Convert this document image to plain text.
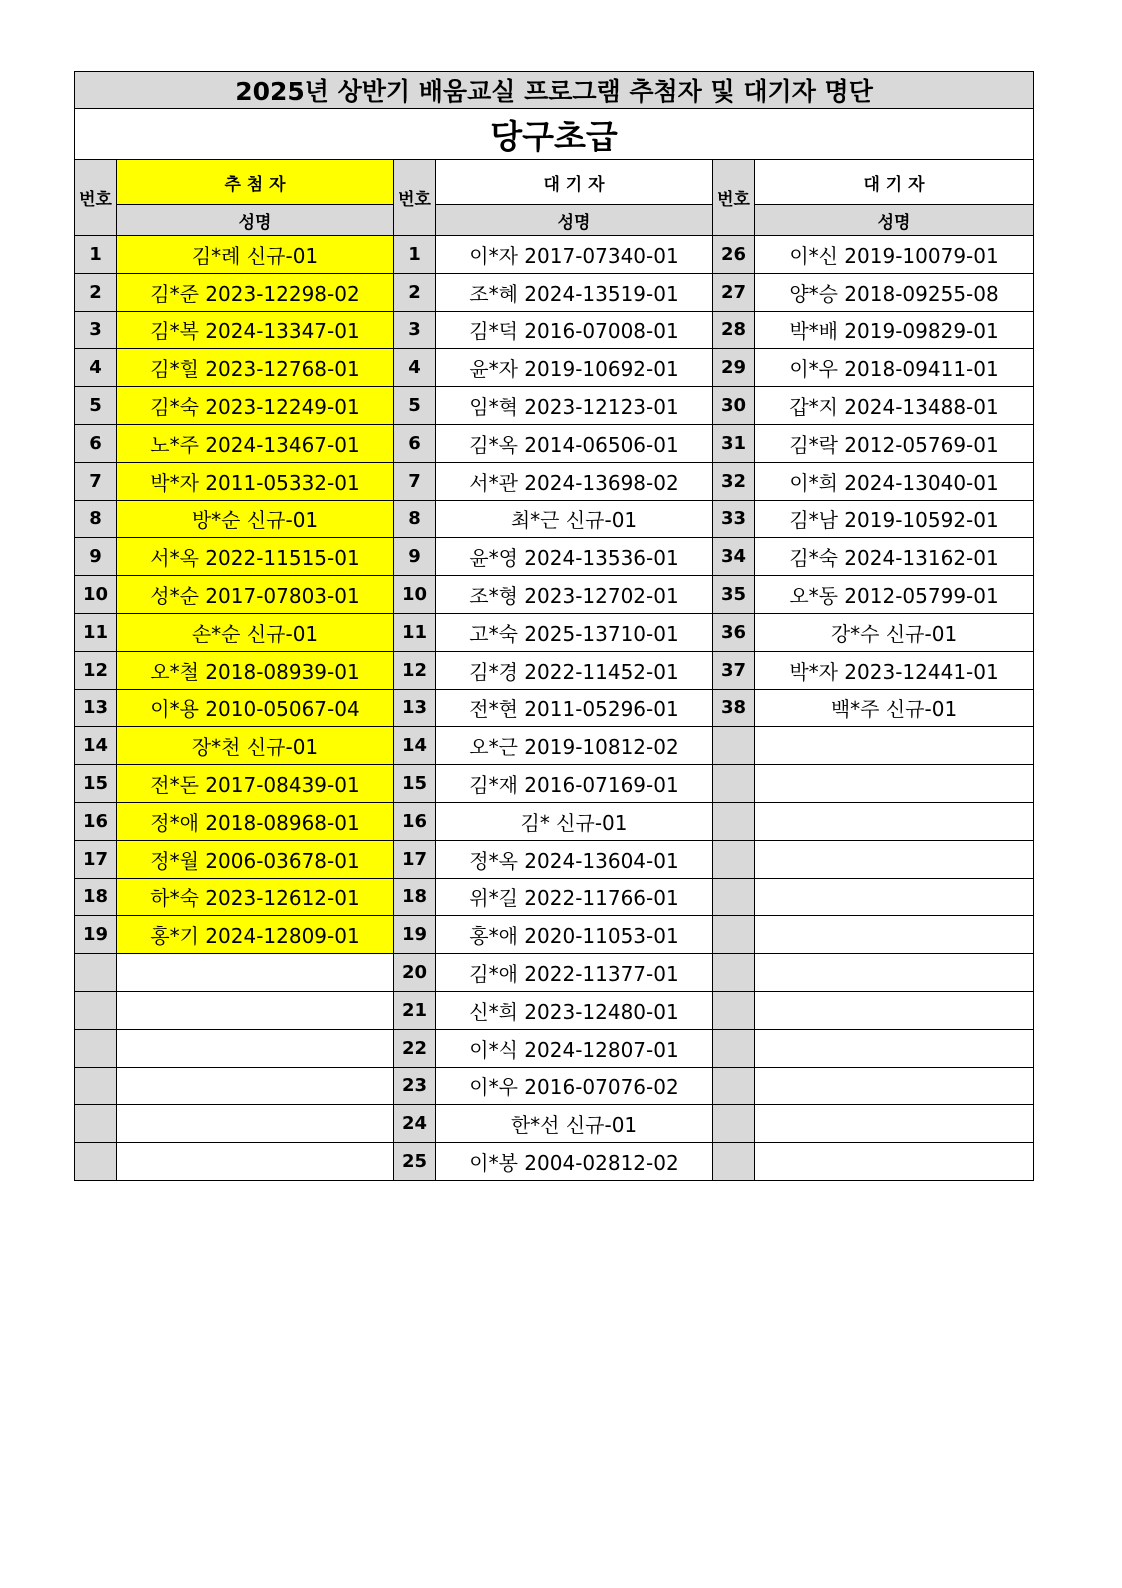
2025년 상반기 배움교실 프로그램 추첨자 및 대기자 명단					
당구초급					
번호	추 첨 자	번호	대 기 자	번호	대 기 자
	성명		성명		성명
1	김*례 신규-01	1	이*자 2017-07340-01	26	이*신 2019-10079-01
2	김*준 2023-12298-02	2	조*혜 2024-13519-01	27	양*승 2018-09255-08
3	김*복 2024-13347-01	3	김*덕 2016-07008-01	28	박*배 2019-09829-01
4	김*힐 2023-12768-01	4	윤*자 2019-10692-01	29	이*우 2018-09411-01
5	김*숙 2023-12249-01	5	임*혁 2023-12123-01	30	갑*지 2024-13488-01
6	노*주 2024-13467-01	6	김*옥 2014-06506-01	31	김*락 2012-05769-01
7	박*자 2011-05332-01	7	서*관 2024-13698-02	32	이*희 2024-13040-01
8	방*순 신규-01	8	최*근 신규-01	33	김*남 2019-10592-01
9	서*옥 2022-11515-01	9	윤*영 2024-13536-01	34	김*숙 2024-13162-01
10	성*순 2017-07803-01	10	조*형 2023-12702-01	35	오*동 2012-05799-01
11	손*순 신규-01	11	고*숙 2025-13710-01	36	강*수 신규-01
12	오*철 2018-08939-01	12	김*경 2022-11452-01	37	박*자 2023-12441-01
13	이*용 2010-05067-04	13	전*현 2011-05296-01	38	백*주 신규-01
14	장*천 신규-01	14	오*근 2019-10812-02		
15	전*돈 2017-08439-01	15	김*재 2016-07169-01		
16	정*애 2018-08968-01	16	김* 신규-01		
17	정*월 2006-03678-01	17	정*옥 2024-13604-01		
18	하*숙 2023-12612-01	18	위*길 2022-11766-01		
19	홍*기 2024-12809-01	19	홍*애 2020-11053-01		
		20	김*애 2022-11377-01		
		21	신*희 2023-12480-01		
		22	이*식 2024-12807-01		
		23	이*우 2016-07076-02		
		24	한*선 신규-01		
		25	이*봉 2004-02812-02		
